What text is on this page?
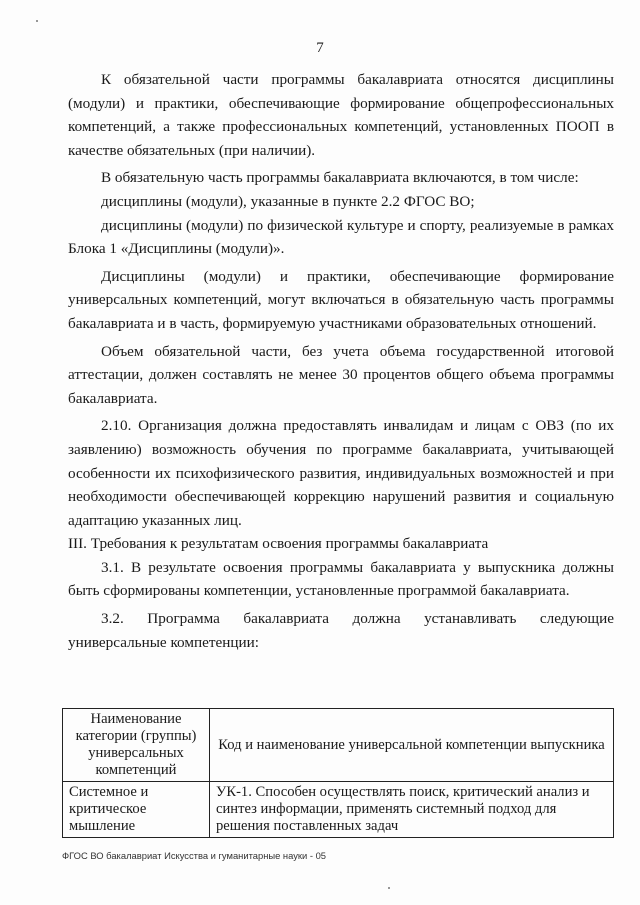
7

К обязательной части программы бакалавриата относятся дисциплины (модули) и практики, обеспечивающие формирование общепрофессиональных компетенций, а также профессиональных компетенций, установленных ПООП в качестве обязательных (при наличии).

В обязательную часть программы бакалавриата включаются, в том числе:

дисциплины (модули), указанные в пункте 2.2 ФГОС ВО;

дисциплины (модули) по физической культуре и спорту, реализуемые в рамках Блока 1 «Дисциплины (модули)».

Дисциплины (модули) и практики, обеспечивающие формирование универсальных компетенций, могут включаться в обязательную часть программы бакалавриата и в часть, формируемую участниками образовательных отношений.

Объем обязательной части, без учета объема государственной итоговой аттестации, должен составлять не менее 30 процентов общего объема программы бакалавриата.

2.10. Организация должна предоставлять инвалидам и лицам с ОВЗ (по их заявлению) возможность обучения по программе бакалавриата, учитывающей особенности их психофизического развития, индивидуальных возможностей и при необходимости обеспечивающей коррекцию нарушений развития и социальную адаптацию указанных лиц.

III. Требования к результатам освоения программы бакалавриата

3.1. В результате освоения программы бакалавриата у выпускника должны быть сформированы компетенции, установленные программой бакалавриата.

3.2. Программа бакалавриата должна устанавливать следующие универсальные компетенции:

Наименование категории (группы) универсальных компетенций	Код и наименование универсальной компетенции выпускника
Системное и критическое мышление	УК-1. Способен осуществлять поиск, критический анализ и синтез информации, применять системный подход для решения поставленных задач
ФГОС ВО бакалавриат Искусства и гуманитарные науки - 05
